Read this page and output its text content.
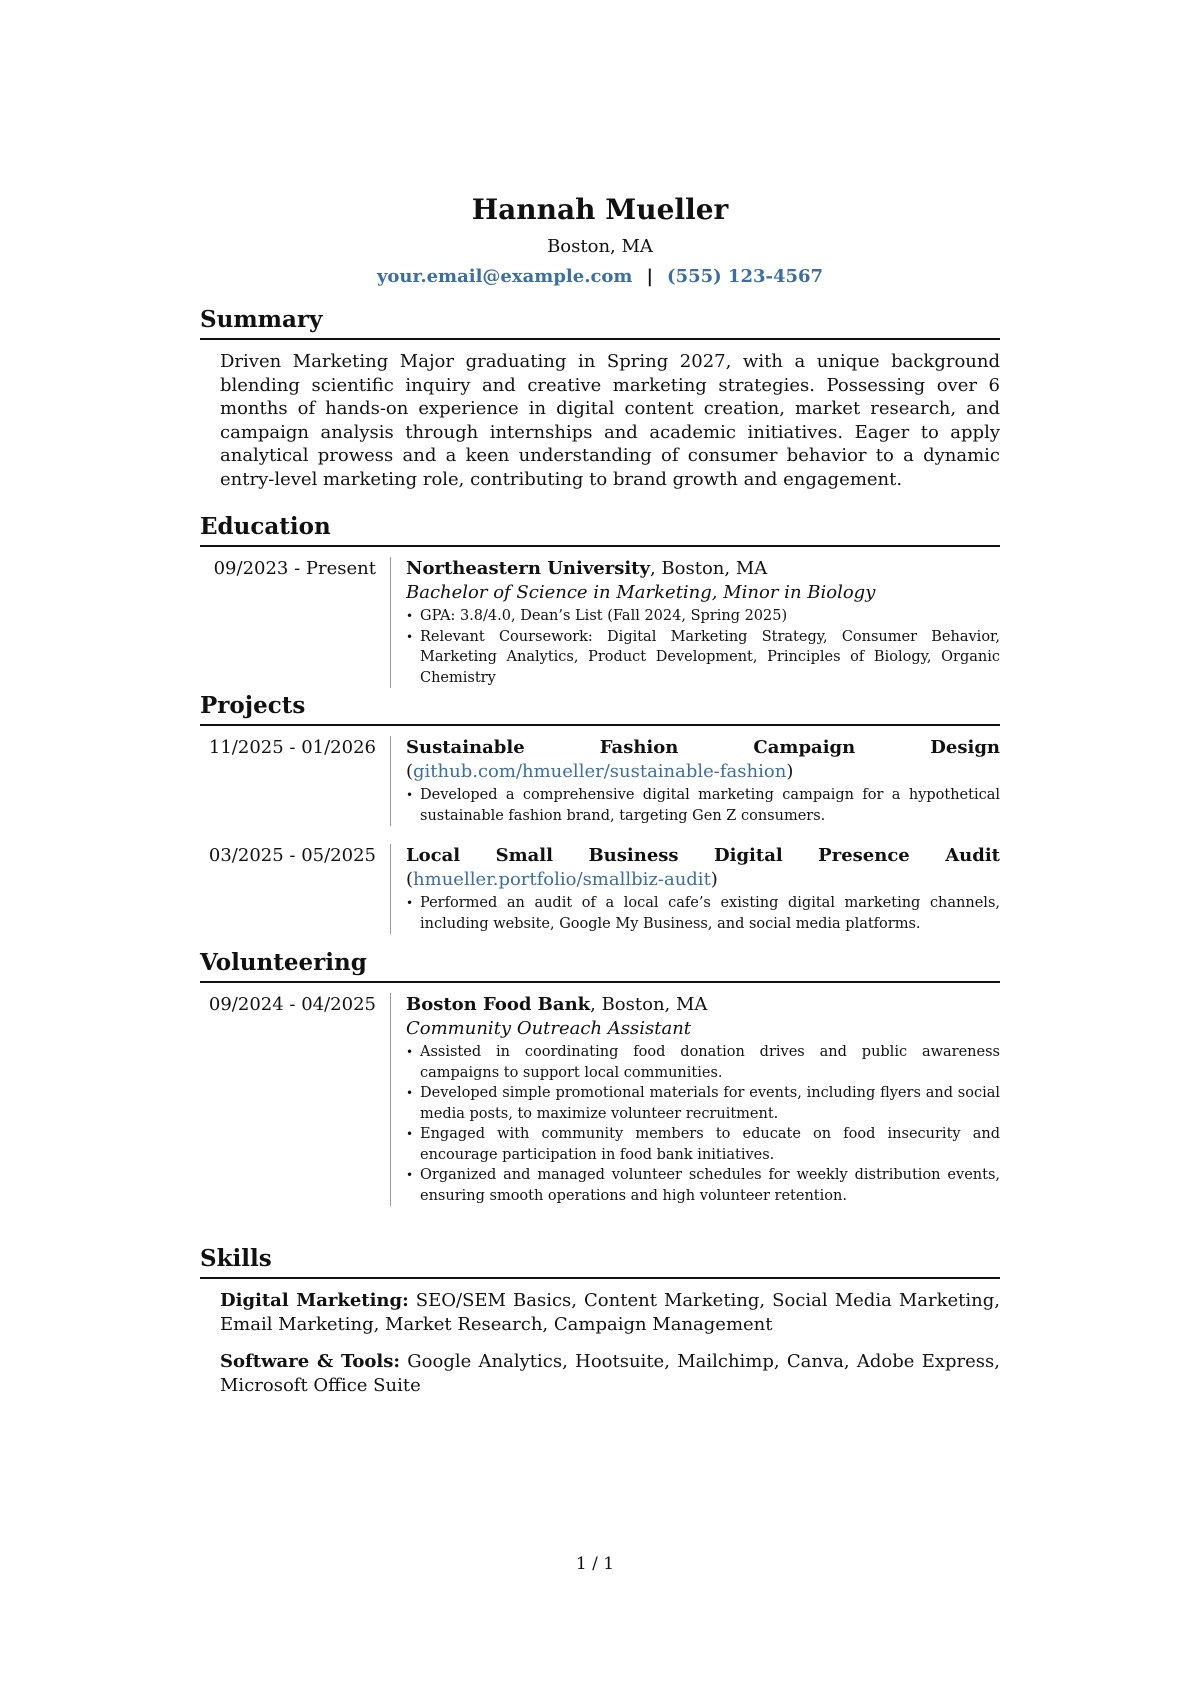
Hannah Mueller
Boston, MA
your.email@example.com | (555) 123-4567
Summary
Driven Marketing Major graduating in Spring 2027, with a unique background blending scientific inquiry and creative marketing strategies. Possessing over 6 months of hands-on experience in digital content creation, market research, and campaign analysis through internships and academic initiatives. Eager to apply analytical prowess and a keen understanding of consumer behavior to a dynamic entry-level marketing role, contributing to brand growth and engagement.
Education
09/2023 - Present	Northeastern University, Boston, MA
Bachelor of Science in Marketing, Minor in Biology
• GPA: 3.8/4.0, Dean’s List (Fall 2024, Spring 2025)
• Relevant Coursework: Digital Marketing Strategy, Consumer Behavior, Marketing Analytics, Product Development, Principles of Biology, Organic Chemistry
Projects
11/2025 - 01/2026	Sustainable Fashion Campaign Design (github.com/hmueller/sustainable-fashion)
• Developed a comprehensive digital marketing campaign for a hypothetical sustainable fashion brand, targeting Gen Z consumers.
03/2025 - 05/2025	Local Small Business Digital Presence Audit (hmueller.portfolio/smallbiz-audit)
• Performed an audit of a local cafe’s existing digital marketing channels, including website, Google My Business, and social media platforms.
Volunteering
09/2024 - 04/2025	Boston Food Bank, Boston, MA
Community Outreach Assistant
• Assisted in coordinating food donation drives and public awareness campaigns to support local communities.
• Developed simple promotional materials for events, including flyers and social media posts, to maximize volunteer recruitment.
• Engaged with community members to educate on food insecurity and encourage participation in food bank initiatives.
• Organized and managed volunteer schedules for weekly distribution events, ensuring smooth operations and high volunteer retention.
Skills
Digital Marketing: SEO/SEM Basics, Content Marketing, Social Media Marketing, Email Marketing, Market Research, Campaign Management
Software & Tools: Google Analytics, Hootsuite, Mailchimp, Canva, Adobe Express, Microsoft Office Suite
1 / 1
